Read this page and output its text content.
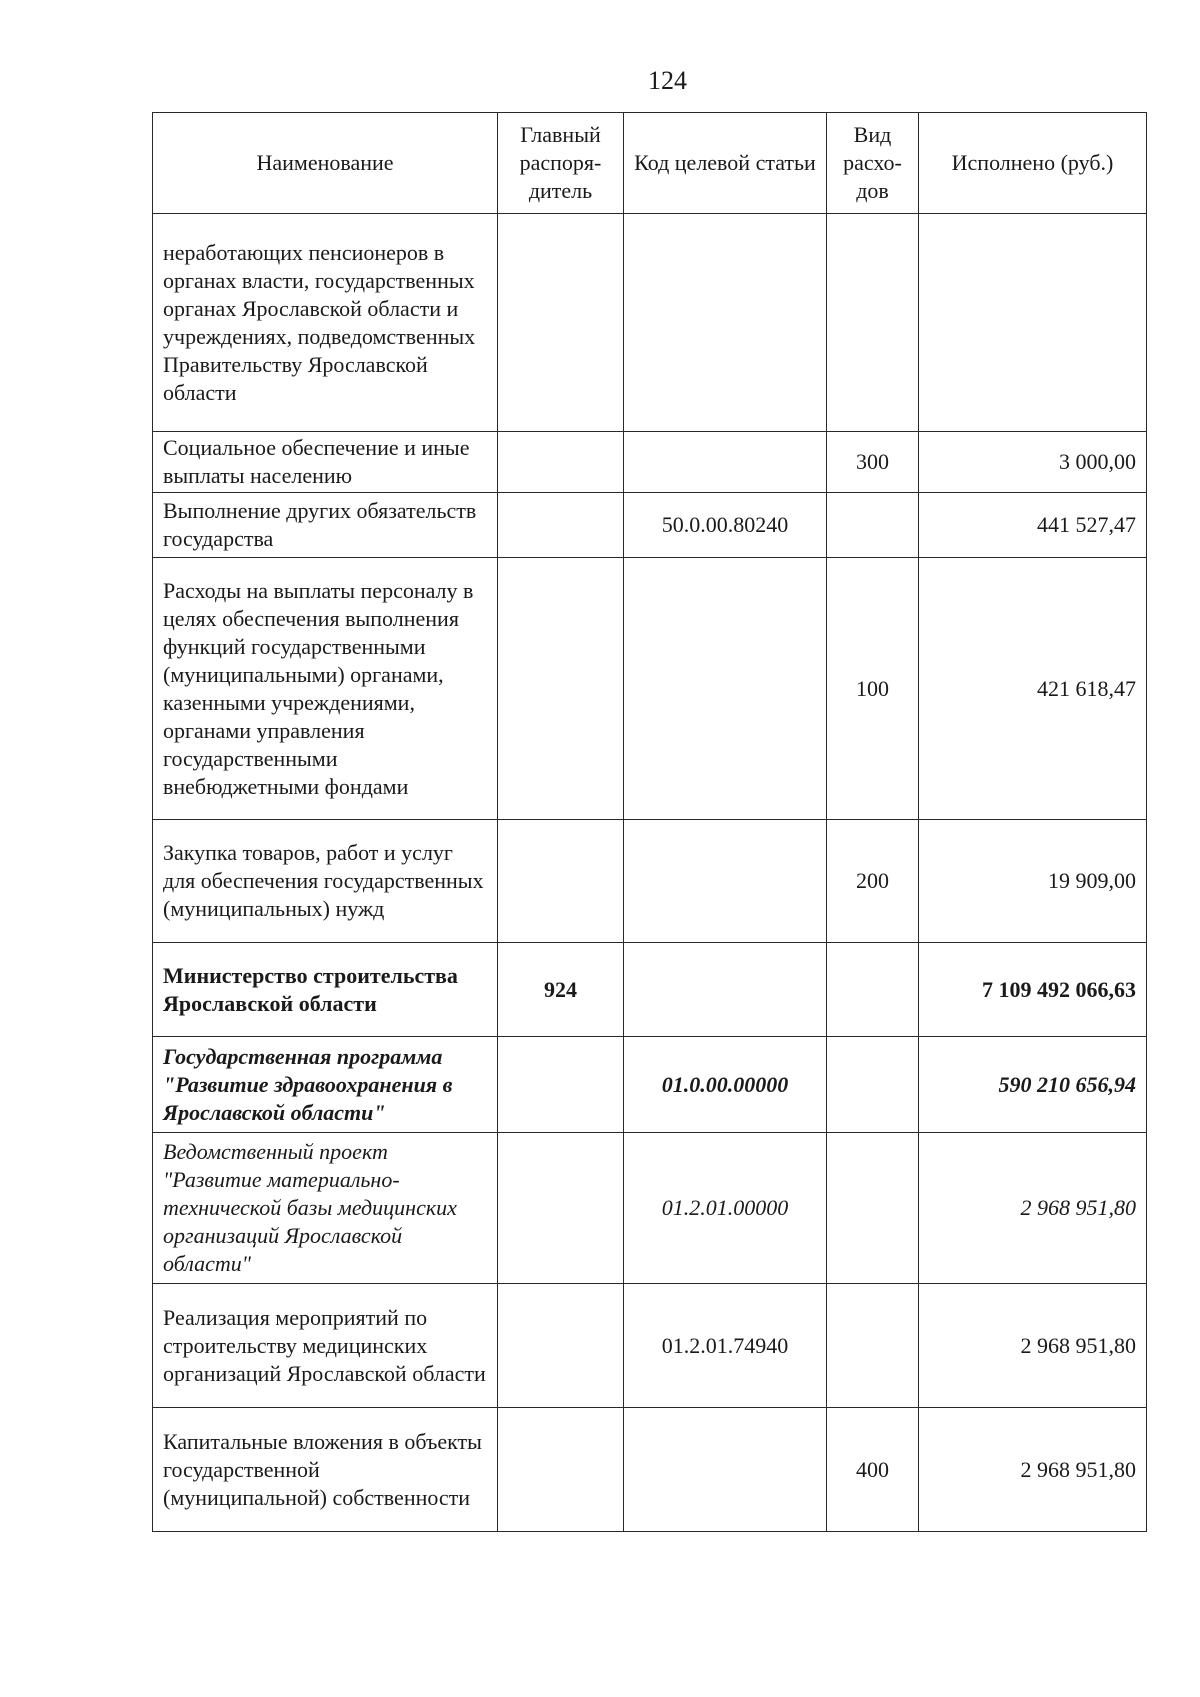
124
Наименование	Главный распоря-дитель	Код целевой статьи	Вид расхо-дов	Исполнено (руб.)
неработающих пенсионеров в органах власти, государственных органах Ярославской области и учреждениях, подведомственных Правительству Ярославской области				
Социальное обеспечение и иные выплаты населению			300	3 000,00
Выполнение других обязательств государства		50.0.00.80240		441 527,47
Расходы на выплаты персоналу в целях обеспечения выполнения функций государственными (муниципальными) органами, казенными учреждениями, органами управления государственными внебюджетными фондами			100	421 618,47
Закупка товаров, работ и услуг для обеспечения государственных (муниципальных) нужд			200	19 909,00
Министерство строительства Ярославской области	924			7 109 492 066,63
Государственная программа "Развитие здравоохранения в Ярославской области"		01.0.00.00000		590 210 656,94
Ведомственный проект "Развитие материально-технической базы медицинских организаций Ярославской области"		01.2.01.00000		2 968 951,80
Реализация мероприятий по строительству медицинских организаций Ярославской области		01.2.01.74940		2 968 951,80
Капитальные вложения в объекты государственной (муниципальной) собственности			400	2 968 951,80
